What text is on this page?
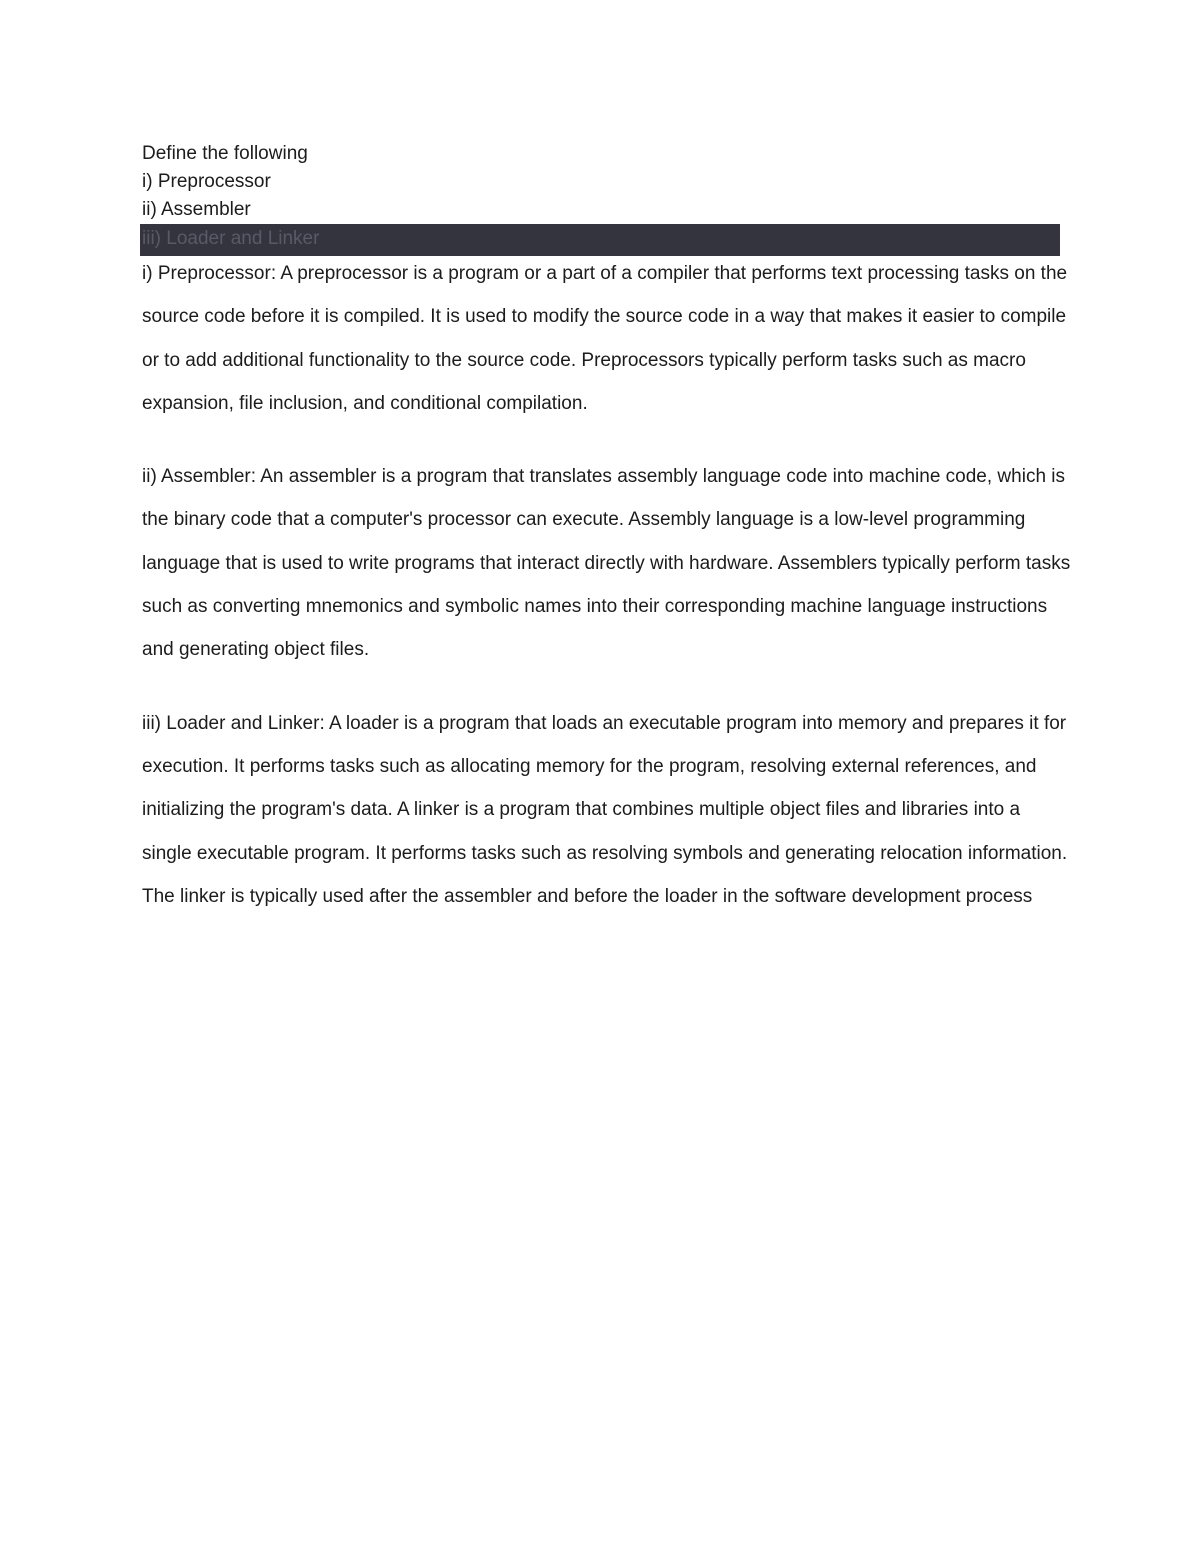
Define the following
i) Preprocessor
ii) Assembler
iii) Loader and Linker

i) Preprocessor: A preprocessor is a program or a part of a compiler that performs text processing tasks on the source code before it is compiled. It is used to modify the source code in a way that makes it easier to compile or to add additional functionality to the source code. Preprocessors typically perform tasks such as macro expansion, file inclusion, and conditional compilation.

ii) Assembler: An assembler is a program that translates assembly language code into machine code, which is the binary code that a computer's processor can execute. Assembly language is a low-level programming language that is used to write programs that interact directly with hardware. Assemblers typically perform tasks such as converting mnemonics and symbolic names into their corresponding machine language instructions and generating object files.

iii) Loader and Linker: A loader is a program that loads an executable program into memory and prepares it for execution. It performs tasks such as allocating memory for the program, resolving external references, and initializing the program's data. A linker is a program that combines multiple object files and libraries into a single executable program. It performs tasks such as resolving symbols and generating relocation information. The linker is typically used after the assembler and before the loader in the software development process
